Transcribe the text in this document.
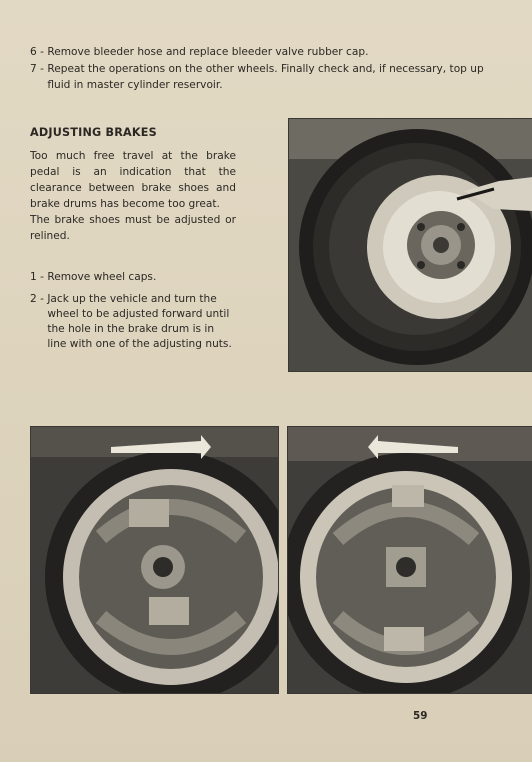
6 - Remove bleeder hose and replace bleeder valve rubber cap.
7 - Repeat the operations on the other wheels. Finally check and, if necessary, top up fluid in master cylinder reservoir.
ADJUSTING BRAKES

Too much free travel at the brake pedal is an indication that the clearance between brake shoes and brake drums has become too great.

The brake shoes must be adjusted or relined.

1 - Remove wheel caps.
2 - Jack up the vehicle and turn the wheel to be adjusted forward until the hole in the brake drum is in line with one of the adjusting nuts.
59
